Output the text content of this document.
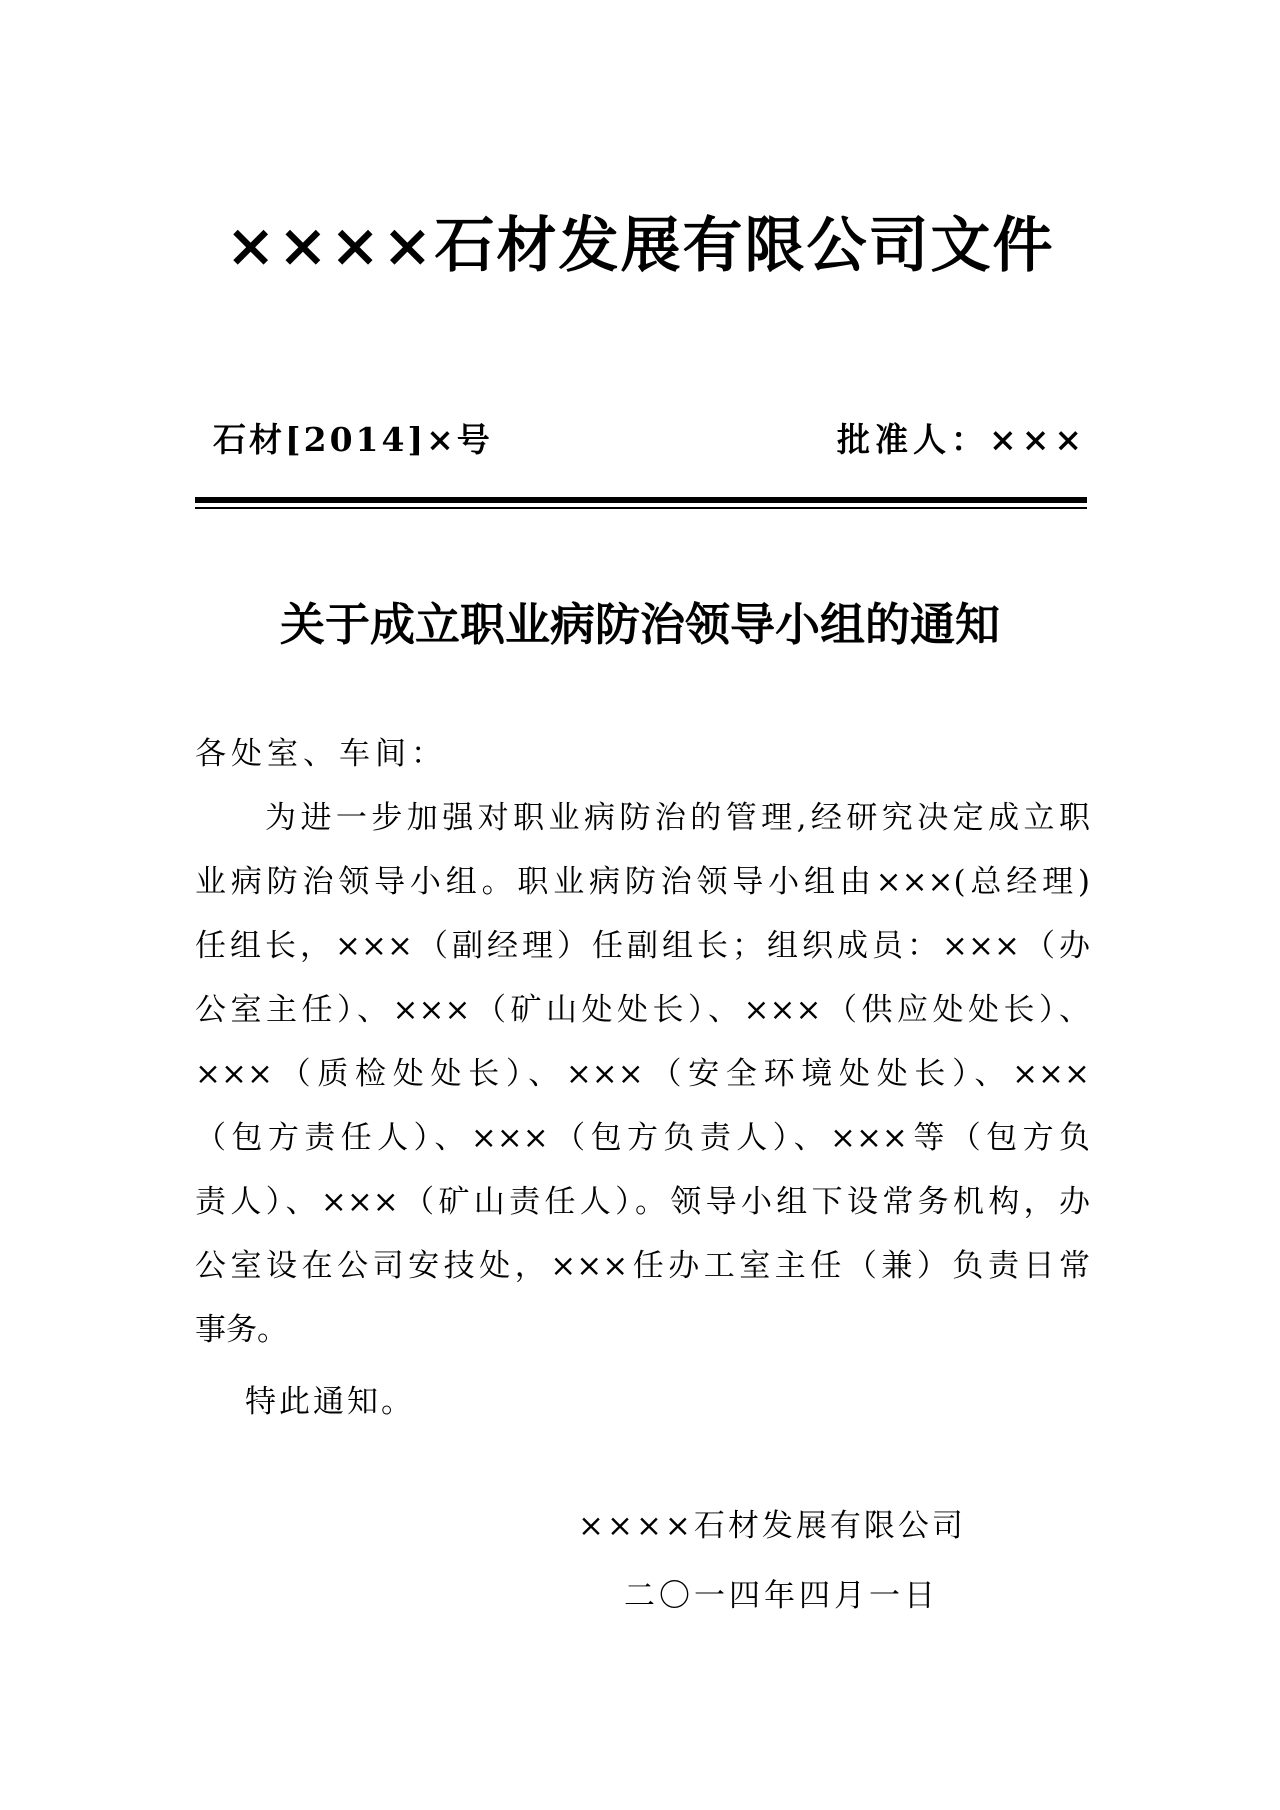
××××石材发展有限公司文件
石材[2014]×号	批准人：×××
关于成立职业病防治领导小组的通知
各处室、车间：
为进一步加强对职业病防治的管理,经研究决定成立职
业病防治领导小组。职业病防治领导小组由×××(总经理)
任组长，×××（副经理）任副组长；组织成员：×××（办
公室主任）、×××（矿山处处长）、×××（供应处处长）、
×××（质检处处长）、×××（安全环境处处长）、×××
（包方责任人）、×××（包方负责人）、×××等（包方负
责人）、×××（矿山责任人）。领导小组下设常务机构，办
公室设在公司安技处，×××任办工室主任（兼）负责日常
事务。
特此通知。
××××石材发展有限公司
二〇一四年四月一日
